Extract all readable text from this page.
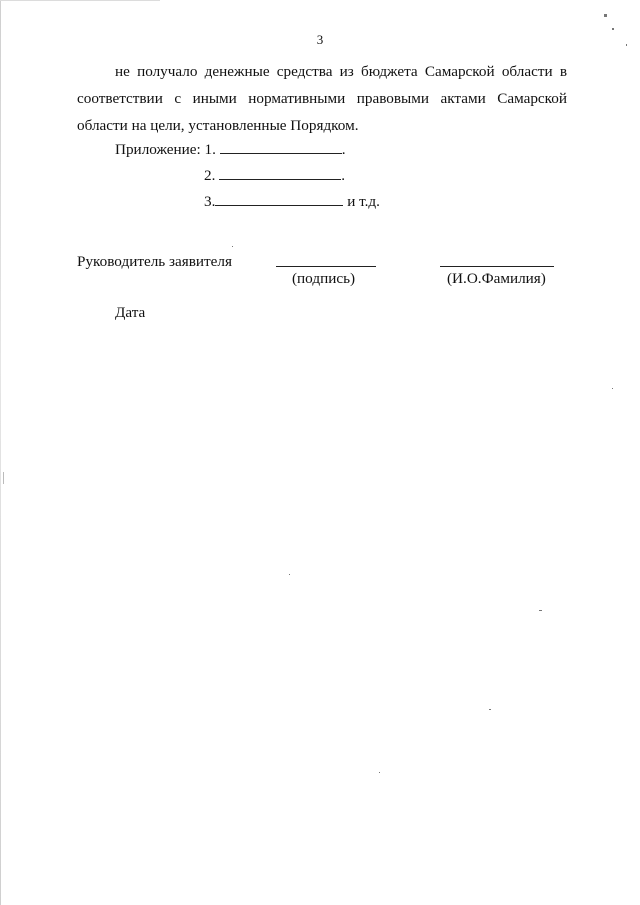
3
не получало денежные средства из бюджета Самарской области в
соответствии с иными нормативными правовыми актами Самарской
области на цели, установленные Порядком.
Приложение: 1.	.
2.	.
3.	и т.д.
Руководитель заявителя
(подпись)	(И.О.Фамилия)
Дата
